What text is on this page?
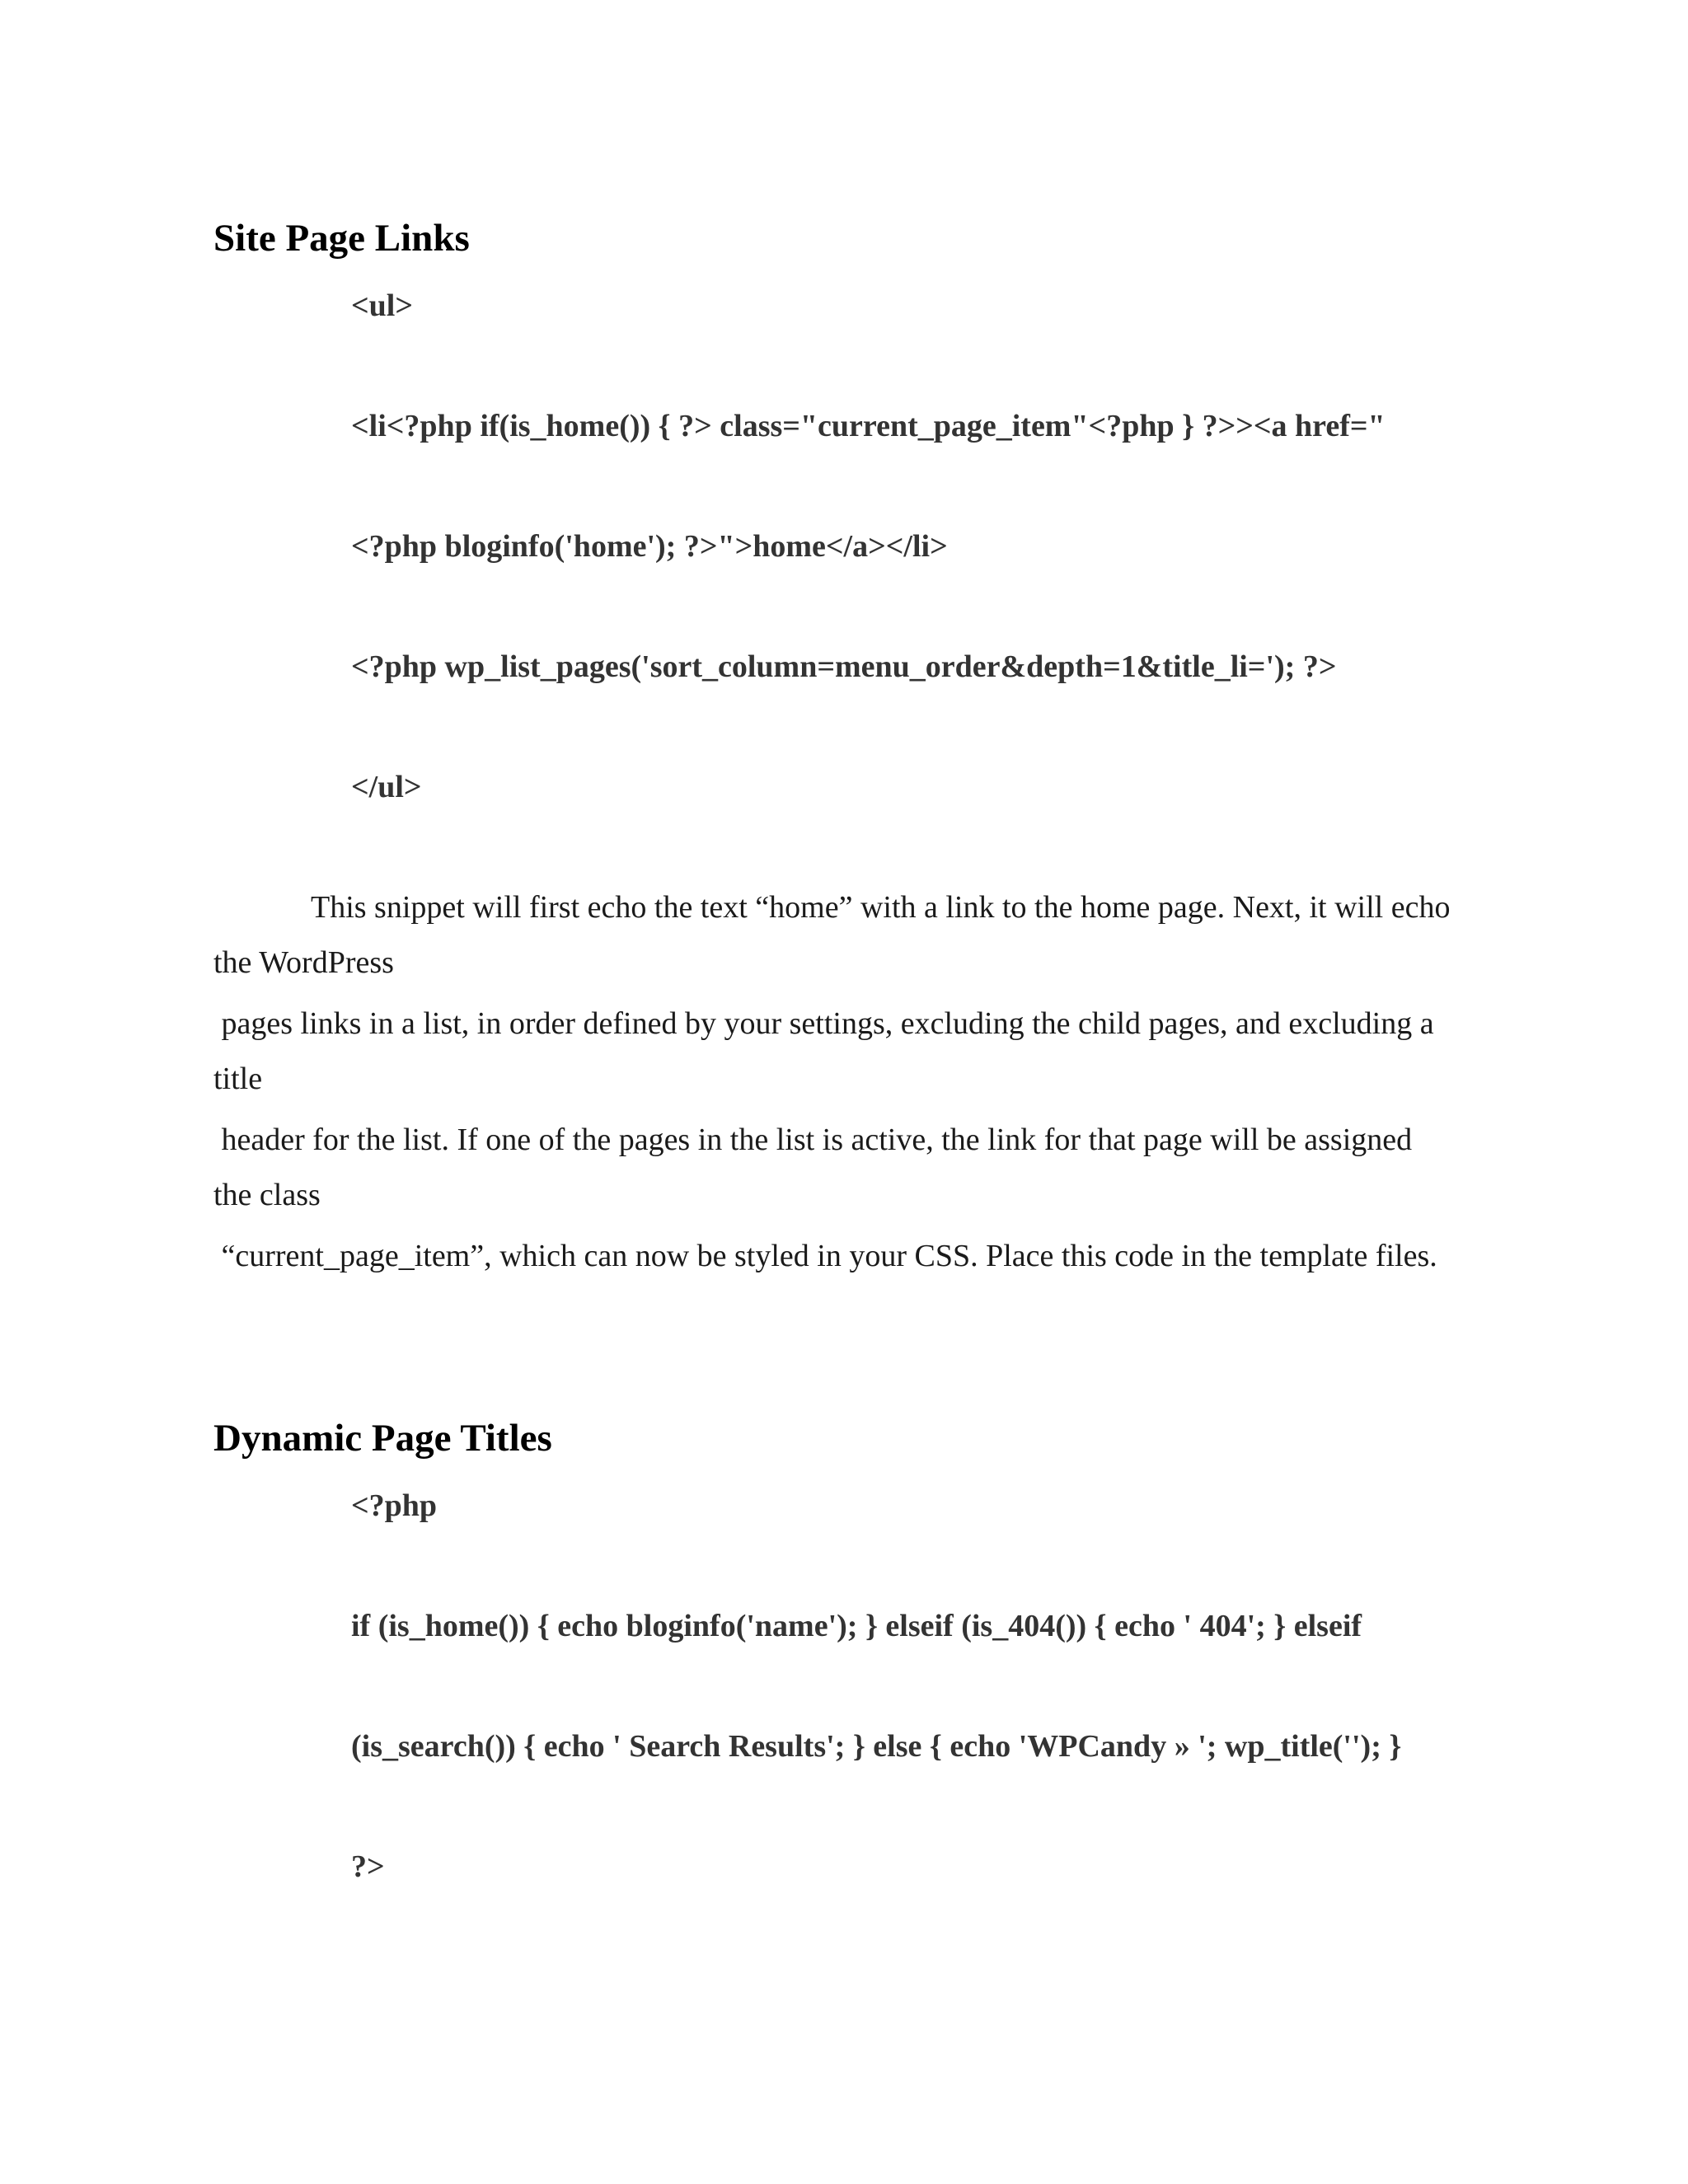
Site Page Links
<ul>
<li<?php if(is_home()) { ?> class="current_page_item"<?php } ?>><a href="
<?php bloginfo('home'); ?>">home</a></li>
<?php wp_list_pages('sort_column=menu_order&depth=1&title_li='); ?>
</ul>
This snippet will first echo the text “home” with a link to the home page. Next, it will echo
the WordPress
pages links in a list, in order defined by your settings, excluding the child pages, and excluding a
title
header for the list. If one of the pages in the list is active, the link for that page will be assigned
the class
“current_page_item”, which can now be styled in your CSS. Place this code in the template files.
Dynamic Page Titles
<?php
if (is_home()) { echo bloginfo('name'); } elseif (is_404()) { echo ' 404'; } elseif
(is_search()) { echo ' Search Results'; } else { echo 'WPCandy » '; wp_title(''); }
?>
